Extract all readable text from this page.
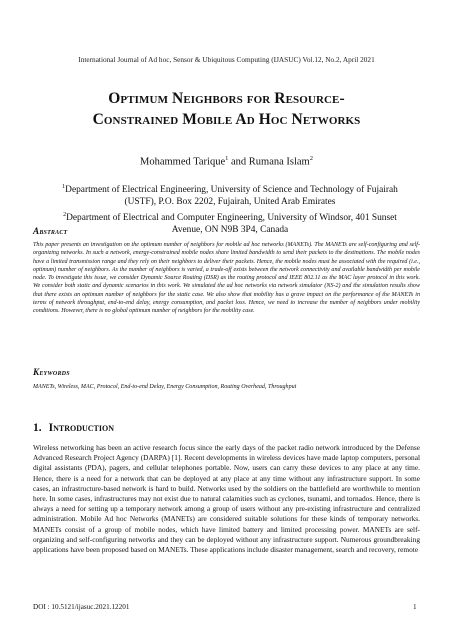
International Journal of Ad hoc, Sensor & Ubiquitous Computing (IJASUC) Vol.12, No.2, April 2021
Optimum Neighbors for Resource-
Constrained Mobile Ad Hoc Networks
Mohammed Tarique$^1$ and Rumana Islam$^2$
$^1$Department of Electrical Engineering, University of Science and Technology of Fujairah (USTF), P.O. Box 2202, Fujairah, United Arab Emirates
$^2$Department of Electrical and Computer Engineering, University of Windsor, 401 Sunset Avenue, ON N9B 3P4, Canada
Abstract
This paper presents an investigation on the optimum number of neighbors for mobile ad hoc networks (MANETs). The MANETs are self-configuring and self-organizing networks. In such a network, energy-constrained mobile nodes share limited bandwidth to send their packets to the destinations. The mobile nodes have a limited transmission range and they rely on their neighbors to deliver their packets. Hence, the mobile nodes must be associated with the required (i.e., optimum) number of neighbors. As the number of neighbors is varied, a trade-off exists between the network connectivity and available bandwidth per mobile node. To investigate this issue, we consider Dynamic Source Routing (DSR) as the routing protocol and IEEE 802.11 as the MAC layer protocol in this work. We consider both static and dynamic scenarios in this work. We simulated the ad hoc networks via network simulator (NS-2) and the simulation results show that there exists an optimum number of neighbors for the static case. We also show that mobility has a grave impact on the performance of the MANETs in terms of network throughput, end-to-end delay, energy consumption, and packet loss. Hence, we need to increase the number of neighbors under mobility conditions. However, there is no global optimum number of neighbors for the mobility case.
Keywords
MANETs, Wireless, MAC, Protocol, End-to-end Delay, Energy Consumption, Routing Overhead, Throughput
1. Introduction
Wireless networking has been an active research focus since the early days of the packet radio network introduced by the Defense Advanced Research Project Agency (DARPA) [1]. Recent developments in wireless devices have made laptop computers, personal digital assistants (PDA), pagers, and cellular telephones portable. Now, users can carry these devices to any place at any time. Hence, there is a need for a network that can be deployed at any place at any time without any infrastructure support. In some cases, an infrastructure-based network is hard to build. Networks used by the soldiers on the battlefield are worthwhile to mention here. In some cases, infrastructures may not exist due to natural calamities such as cyclones, tsunami, and tornados. Hence, there is always a need for setting up a temporary network among a group of users without any pre-existing infrastructure and centralized administration. Mobile Ad hoc Networks (MANETs) are considered suitable solutions for these kinds of temporary networks. MANETs consist of a group of mobile nodes, which have limited battery and limited processing power. MANETs are self-organizing and self-configuring networks and they can be deployed without any infrastructure support. Numerous groundbreaking applications have been proposed based on MANETs. These applications include disaster management, search and recovery, remote
DOI : 10.5121/ijasuc.2021.12201	1
